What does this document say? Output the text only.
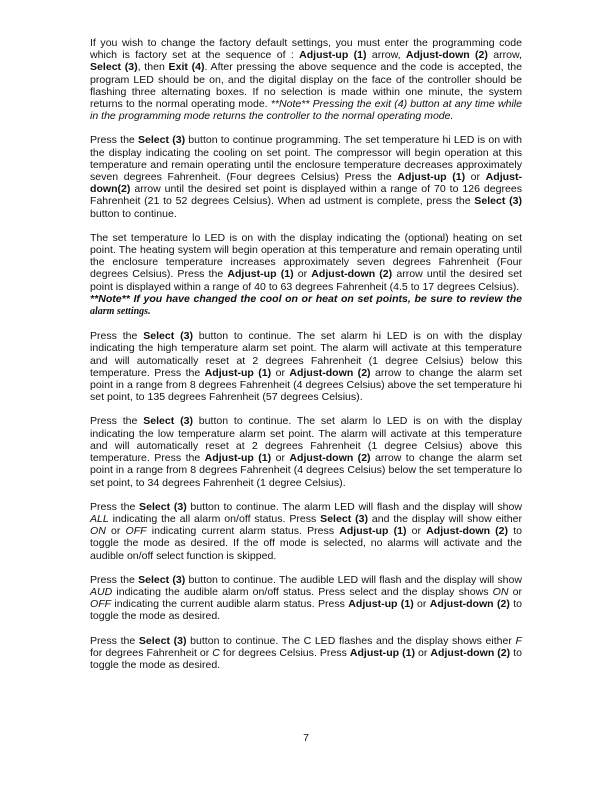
If you wish to change the factory default settings, you must enter the programming code which is factory set at the sequence of : Adjust-up (1) arrow, Adjust-down (2) arrow, Select (3), then Exit (4). After pressing the above sequence and the code is accepted, the program LED should be on, and the digital display on the face of the controller should be flashing three alternating boxes. If no selection is made within one minute, the system returns to the normal operating mode. **Note** Pressing the exit (4) button at any time while in the programming mode returns the controller to the normal operating mode.

Press the Select (3) button to continue programming. The set temperature hi LED is on with the display indicating the cooling on set point. The compressor will begin operation at this temperature and remain operating until the enclosure temperature decreases approximately seven degrees Fahrenheit. (Four degrees Celsius) Press the Adjust-up (1) or Adjust-down(2) arrow until the desired set point is displayed within a range of 70 to 126 degrees Fahrenheit (21 to 52 degrees Celsius). When ad ustment is complete, press the Select (3) button to continue.

The set temperature lo LED is on with the display indicating the (optional) heating on set point. The heating system will begin operation at this temperature and remain operating until the enclosure temperature increases approximately seven degrees Fahrenheit (Four degrees Celsius). Press the Adjust-up (1) or Adjust-down (2) arrow until the desired set point is displayed within a range of 40 to 63 degrees Fahrenheit (4.5 to 17 degrees Celsius).

**Note** If you have changed the cool on or heat on set points, be sure to review the alarm settings.

Press the Select (3) button to continue. The set alarm hi LED is on with the display indicating the high temperature alarm set point. The alarm will activate at this temperature and will automatically reset at 2 degrees Fahrenheit (1 degree Celsius) below this temperature. Press the Adjust-up (1) or Adjust-down (2) arrow to change the alarm set point in a range from 8 degrees Fahrenheit (4 degrees Celsius) above the set temperature hi set point, to 135 degrees Fahrenheit (57 degrees Celsius).

Press the Select (3) button to continue. The set alarm lo LED is on with the display indicating the low temperature alarm set point. The alarm will activate at this temperature and will automatically reset at 2 degrees Fahrenheit (1 degree Celsius) above this temperature. Press the Adjust-up (1) or Adjust-down (2) arrow to change the alarm set point in a range from 8 degrees Fahrenheit (4 degrees Celsius) below the set temperature lo set point, to 34 degrees Fahrenheit (1 degree Celsius).

Press the Select (3) button to continue. The alarm LED will flash and the display will show ALL indicating the all alarm on/off status. Press Select (3) and the display will show either ON or OFF indicating current alarm status. Press Adjust-up (1) or Adjust-down (2) to toggle the mode as desired. If the off mode is selected, no alarms will activate and the audible on/off select function is skipped.

Press the Select (3) button to continue. The audible LED will flash and the display will show AUD indicating the audible alarm on/off status. Press select and the display shows ON or OFF indicating the current audible alarm status. Press Adjust-up (1) or Adjust-down (2) to toggle the mode as desired.

Press the Select (3) button to continue. The C LED flashes and the display shows either F for degrees Fahrenheit or C for degrees Celsius. Press Adjust-up (1) or Adjust-down (2) to toggle the mode as desired.

7
